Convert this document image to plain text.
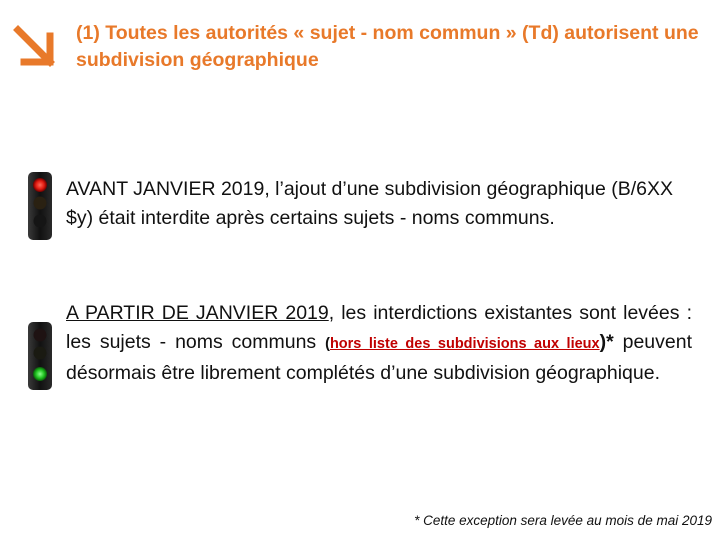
(1) Toutes les autorités « sujet - nom commun » (Td) autorisent une subdivision géographique
AVANT JANVIER 2019, l’ajout d’une subdivision géographique (B/6XX $y) était interdite après certains sujets - noms communs.
A PARTIR DE JANVIER 2019, les interdictions existantes sont levées : les sujets - noms communs (hors liste des subdivisions aux lieux)* peuvent désormais être librement complétés d’une subdivision géographique.
* Cette exception sera levée au mois de mai 2019
